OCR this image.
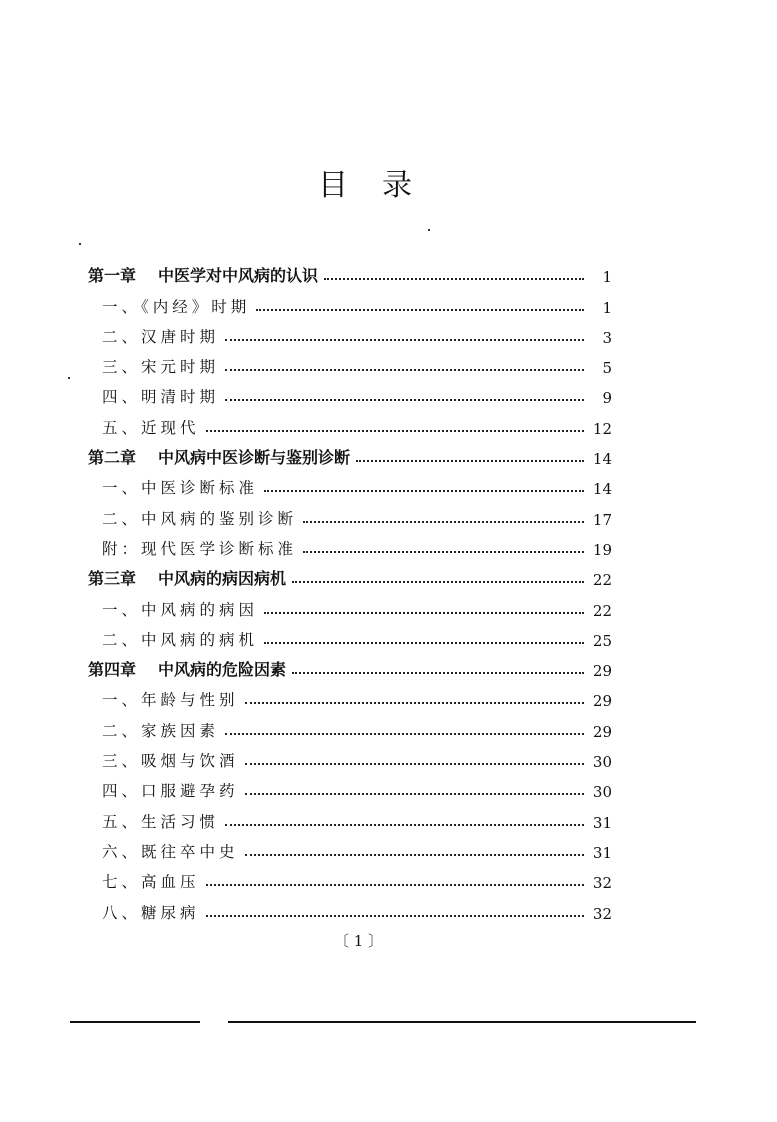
目 录
第一章 中医学对中风病的认识	1
一、《内经》时期	1
二、汉唐时期	3
三、宋元时期	5
四、明清时期	9
五、近现代	12
第二章 中风病中医诊断与鉴别诊断	14
一、中医诊断标准	14
二、中风病的鉴别诊断	17
附：现代医学诊断标准	19
第三章 中风病的病因病机	22
一、中风病的病因	22
二、中风病的病机	25
第四章 中风病的危险因素	29
一、年龄与性别	29
二、家族因素	29
三、吸烟与饮酒	30
四、口服避孕药	30
五、生活习惯	31
六、既往卒中史	31
七、高血压	32
八、糖尿病	32
〔 1 〕
